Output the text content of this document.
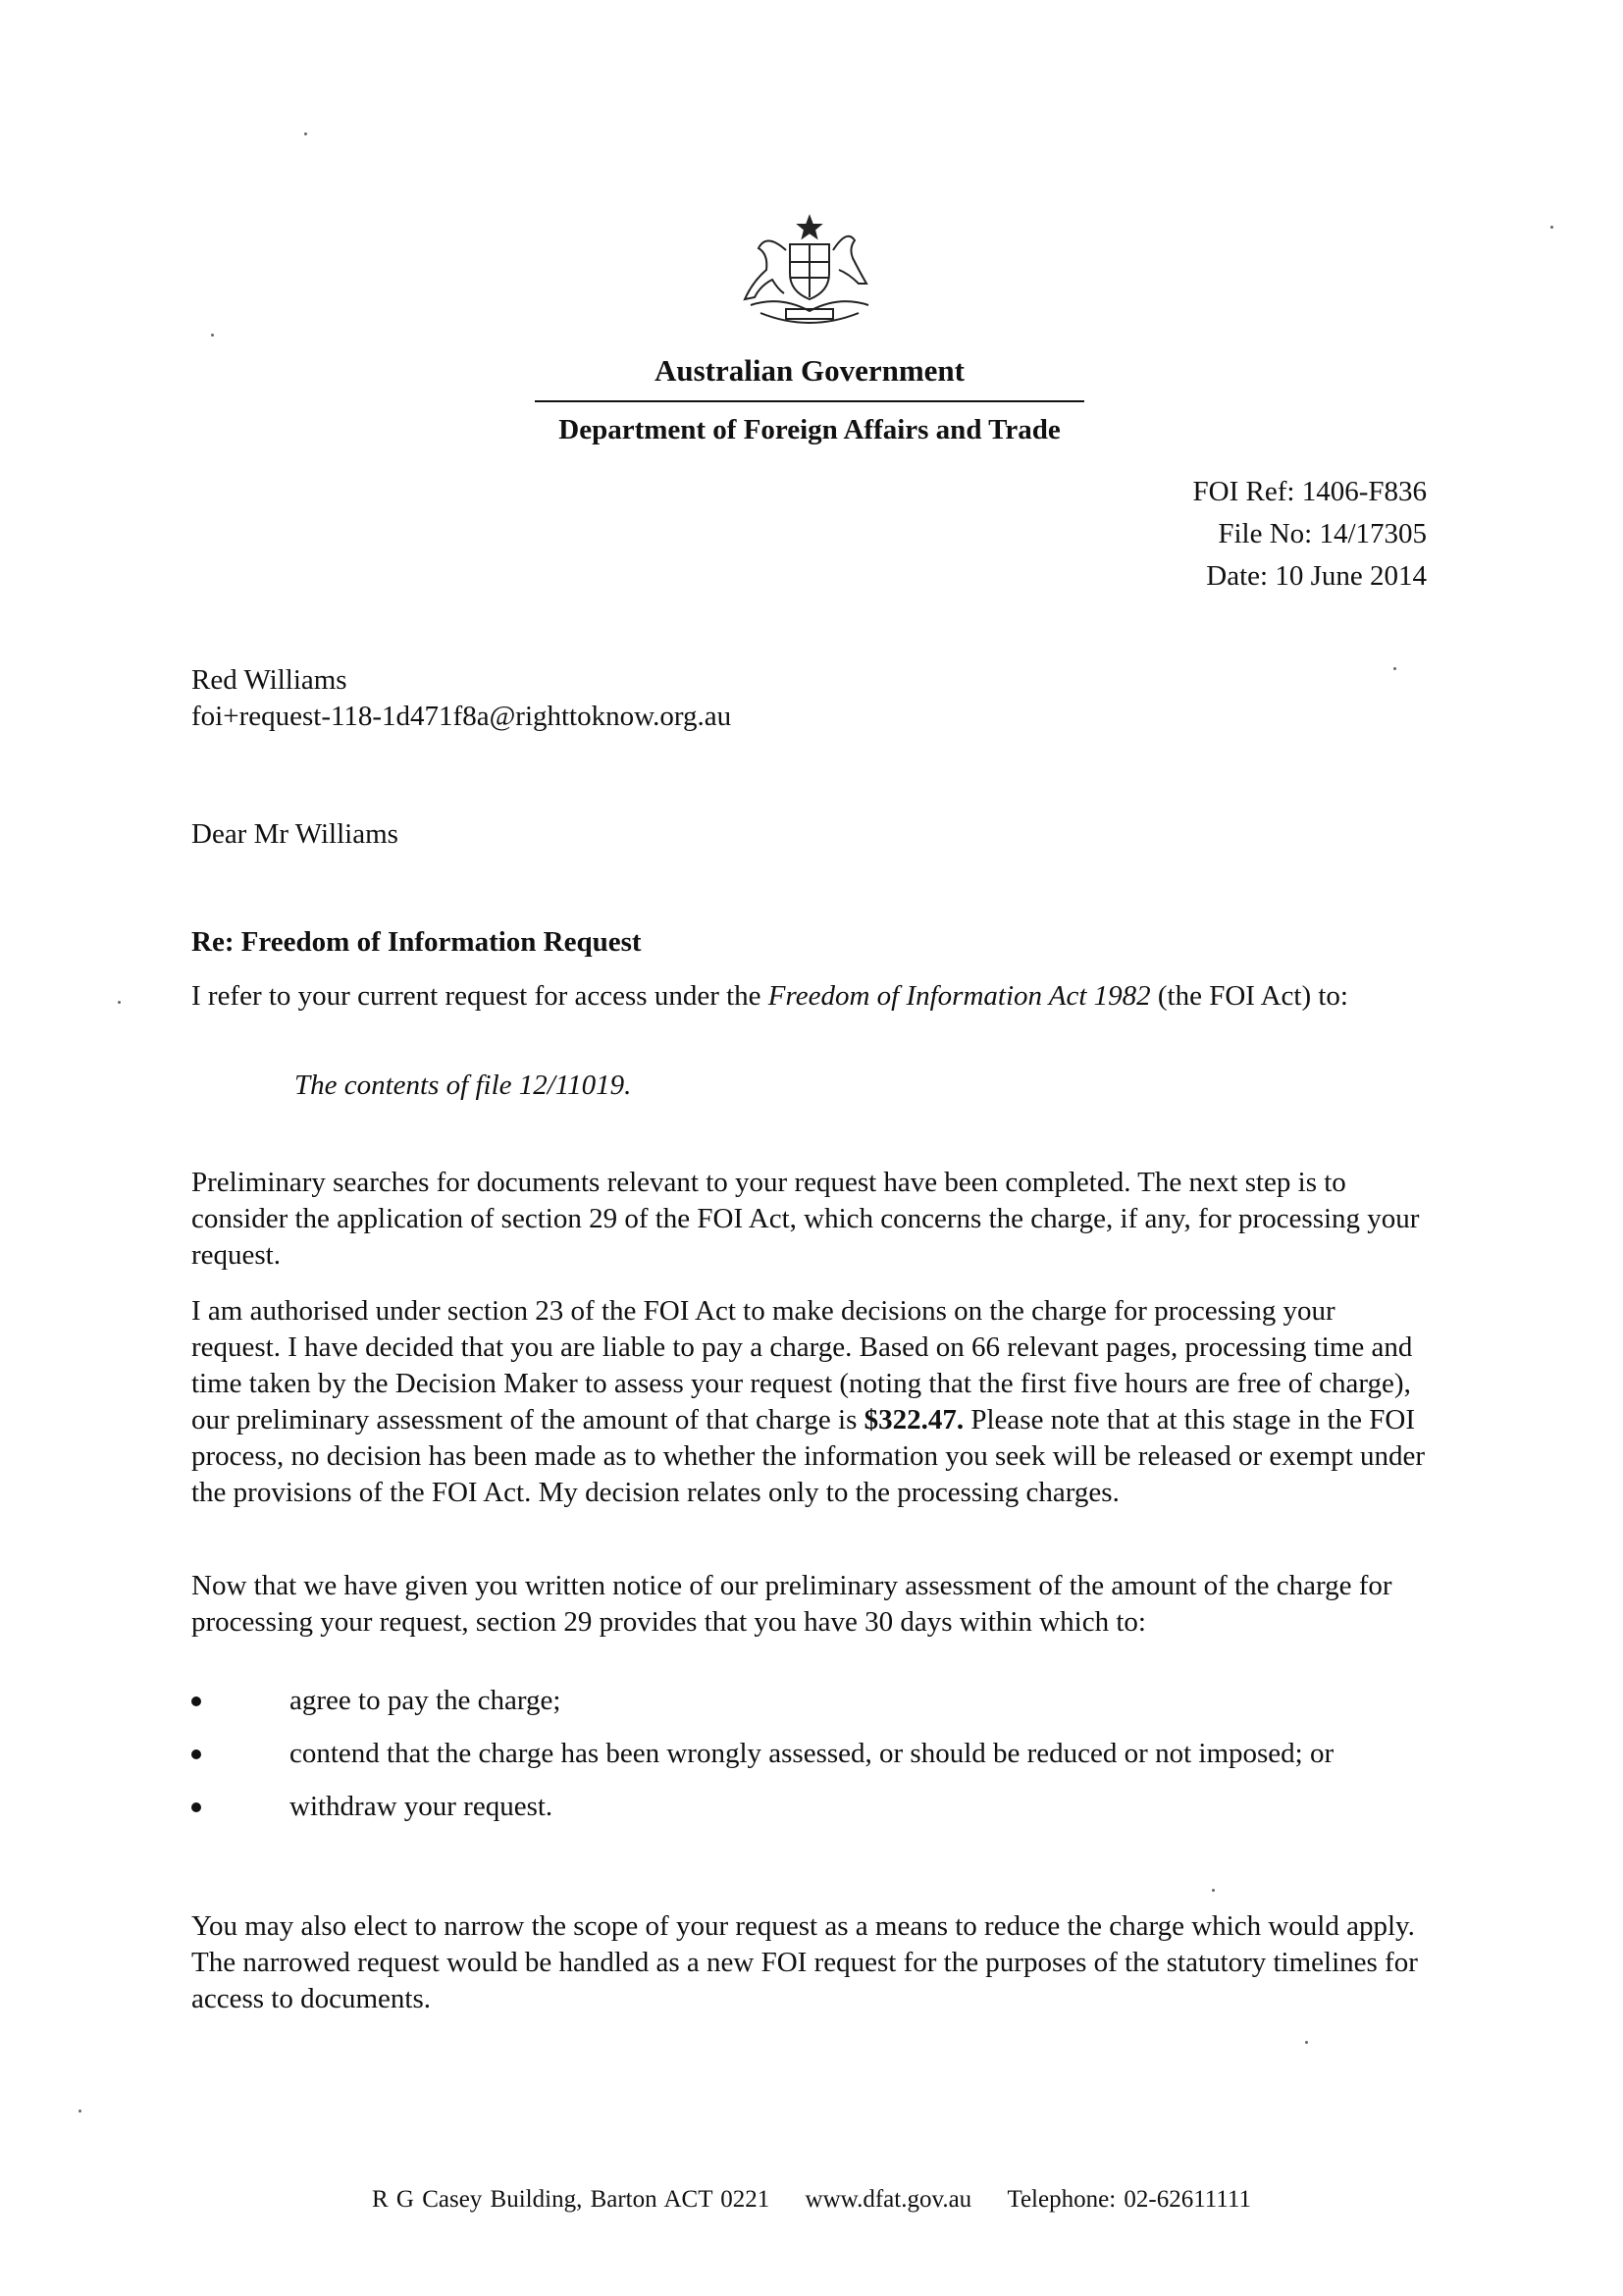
Australian Government
Department of Foreign Affairs and Trade
FOI Ref: 1406-F836
File No: 14/17305
Date: 10 June 2014
Red Williams
foi+request-118-1d471f8a@righttoknow.org.au

Dear Mr Williams

Re: Freedom of Information Request

I refer to your current request for access under the Freedom of Information Act 1982 (the FOI Act) to:

The contents of file 12/11019.

Preliminary searches for documents relevant to your request have been completed. The next step is to consider the application of section 29 of the FOI Act, which concerns the charge, if any, for processing your request.

I am authorised under section 23 of the FOI Act to make decisions on the charge for processing your request. I have decided that you are liable to pay a charge. Based on 66 relevant pages, processing time and time taken by the Decision Maker to assess your request (noting that the first five hours are free of charge), our preliminary assessment of the amount of that charge is $322.47. Please note that at this stage in the FOI process, no decision has been made as to whether the information you seek will be released or exempt under the provisions of the FOI Act. My decision relates only to the processing charges.

Now that we have given you written notice of our preliminary assessment of the amount of the charge for processing your request, section 29 provides that you have 30 days within which to:

agree to pay the charge;
contend that the charge has been wrongly assessed, or should be reduced or not imposed; or
withdraw your request.

You may also elect to narrow the scope of your request as a means to reduce the charge which would apply. The narrowed request would be handled as a new FOI request for the purposes of the statutory timelines for access to documents.

R G Casey Building, Barton ACT 0221 www.dfat.gov.au Telephone: 02-62611111
